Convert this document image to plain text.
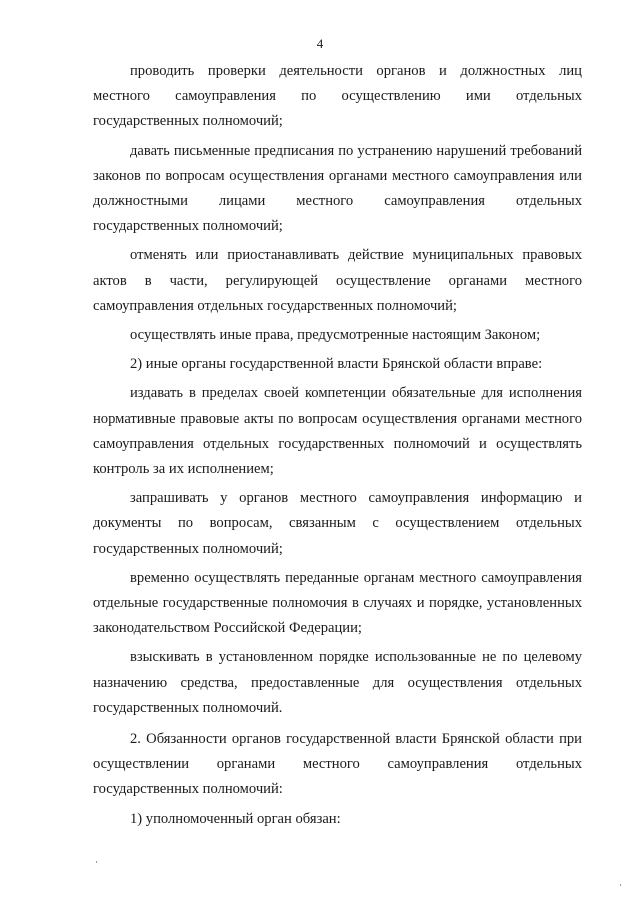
4

проводить проверки деятельности органов и должностных лиц местного самоуправления по осуществлению ими отдельных государственных полномочий;

давать письменные предписания по устранению нарушений требований законов по вопросам осуществления органами местного самоуправления или должностными лицами местного самоуправления отдельных государственных полномочий;

отменять или приостанавливать действие муниципальных правовых актов в части, регулирующей осуществление органами местного самоуправления отдельных государственных полномочий;

осуществлять иные права, предусмотренные настоящим Законом;

2) иные органы государственной власти Брянской области вправе:

издавать в пределах своей компетенции обязательные для исполнения нормативные правовые акты по вопросам осуществления органами местного самоуправления отдельных государственных полномочий и осуществлять контроль за их исполнением;

запрашивать у органов местного самоуправления информацию и документы по вопросам, связанным с осуществлением отдельных государственных полномочий;

временно осуществлять переданные органам местного самоуправления отдельные государственные полномочия в случаях и порядке, установленных законодательством Российской Федерации;

взыскивать в установленном порядке использованные не по целевому назначению средства, предоставленные для осуществления отдельных государственных полномочий.

2. Обязанности органов государственной власти Брянской области при осуществлении органами местного самоуправления отдельных государственных полномочий:

1) уполномоченный орган обязан:
